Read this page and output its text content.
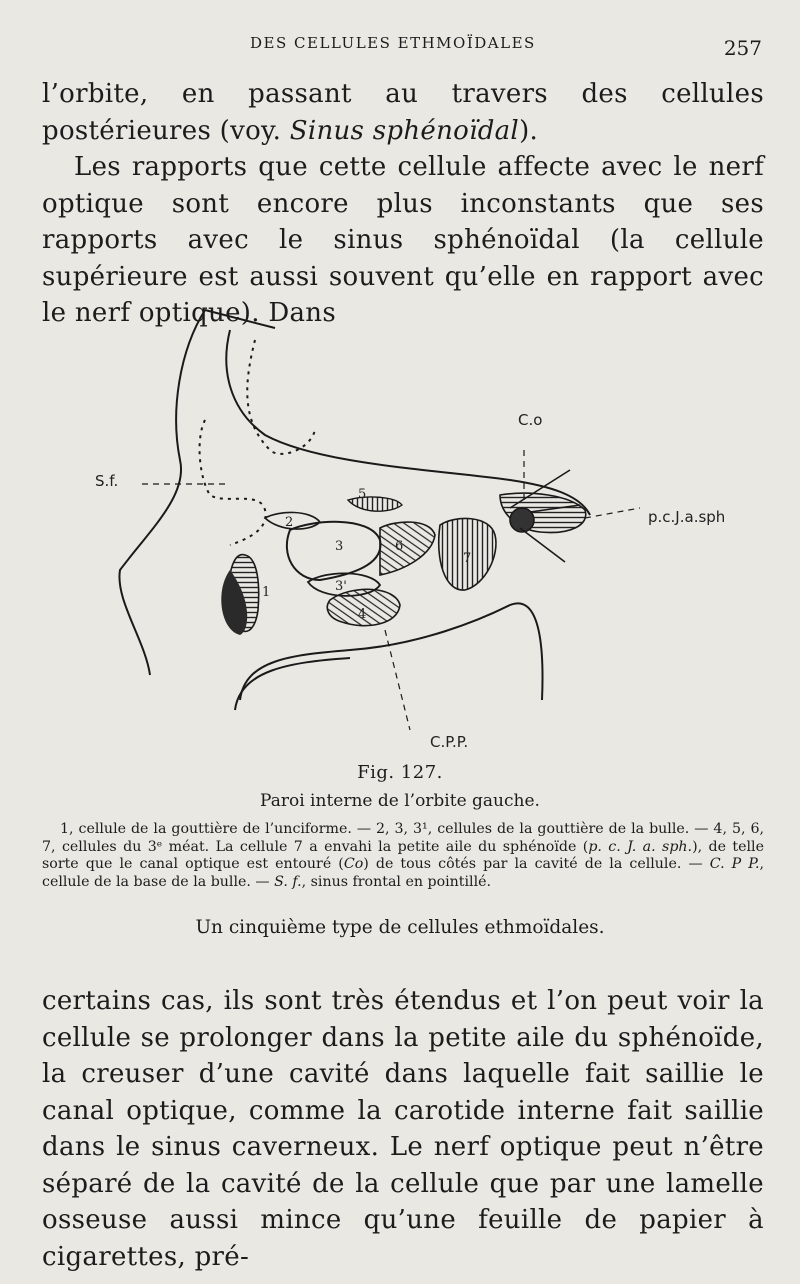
DES CELLULES ETHMOÏDALES	257

l’orbite, en passant au travers des cellules postérieures (voy. Sinus sphénoïdal).

Les rapports que cette cellule affecte avec le nerf optique sont encore plus inconstants que ses rapports avec le sinus sphénoïdal (la cellule supérieure est aussi souvent qu’elle en rapport avec le nerf optique). Dans

C.o
S.f.
p.c.J.a.sph
C.P.P.
1
2
3
3'
4
5
6
7
Fig. 127.
Paroi interne de l’orbite gauche.

1, cellule de la gouttière de l’unciforme. — 2, 3, 3¹, cellules de la gouttière de la bulle. — 4, 5, 6, 7, cellules du 3ᵉ méat. La cellule 7 a envahi la petite aile du sphénoïde (p. c. J. a. sph.), de telle sorte que le canal optique est entouré (Co) de tous côtés par la cavité de la cellule. — C. P P., cellule de la base de la bulle. — S. f., sinus frontal en pointillé.

Un cinquième type de cellules ethmoïdales.

certains cas, ils sont très étendus et l’on peut voir la cellule se prolonger dans la petite aile du sphénoïde, la creuser d’une cavité dans laquelle fait saillie le canal optique, comme la carotide interne fait saillie dans le sinus caverneux. Le nerf optique peut n’être séparé de la cavité de la cellule que par une lamelle osseuse aussi mince qu’une feuille de papier à cigarettes, pré-
